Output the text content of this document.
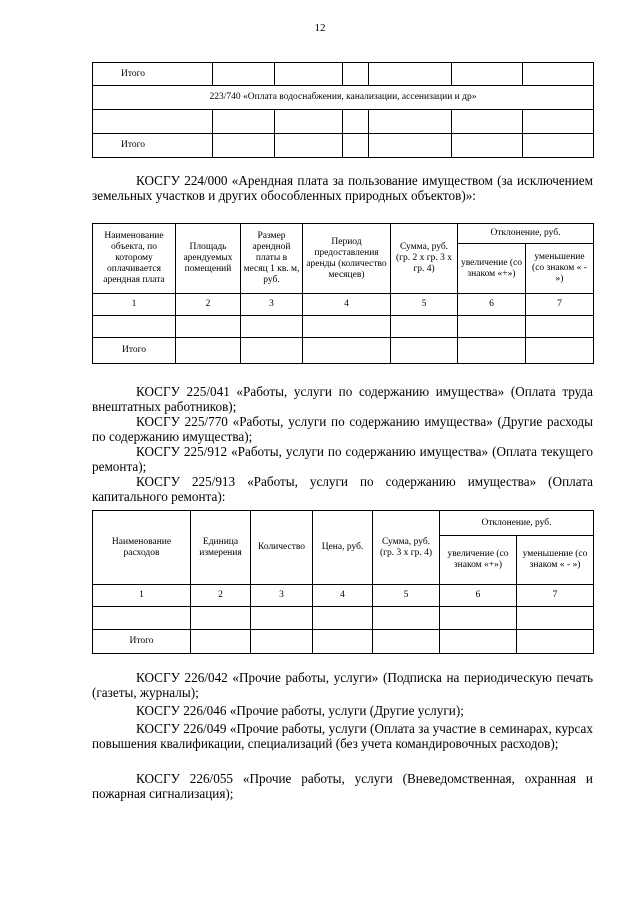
12
Итого						
223/740 «Оплата водоснабжения, канализации, ассенизации и др»						

Итого						
КОСГУ 224/000 «Арендная плата за пользование имуществом (за исключением земельных участков и других обособленных природных объектов)»:
Наименование объекта, по которому оплачивается арендная плата	Площадь арендуемых помещений	Размер арендной платы в месяц 1 кв. м, руб.	Период предоставления аренды (количество месяцев)	Сумма, руб. (гр. 2 х гр. 3 х гр. 4)	Отклонение, руб.	
					увеличение (со знаком «+»)	уменьшение (со знаком « - »)
1	2	3	4	5	6	7

Итого						
КОСГУ 225/041 «Работы, услуги по содержанию имущества» (Оплата труда внештатных работников);
КОСГУ 225/770 «Работы, услуги по содержанию имущества» (Другие расходы по содержанию имущества);
КОСГУ 225/912 «Работы, услуги по содержанию имущества» (Оплата текущего ремонта);
КОСГУ 225/913 «Работы, услуги по содержанию имущества» (Оплата капитального ремонта):
Наименование расходов	Единица измерения	Количество	Цена, руб.	Сумма, руб. (гр. 3 х гр. 4)	Отклонение, руб.	
					увеличение (со знаком «+»)	уменьшение (со знаком « - »)
1	2	3	4	5	6	7

Итого						
КОСГУ 226/042 «Прочие работы, услуги» (Подписка на периодическую печать (газеты, журналы);
КОСГУ 226/046 «Прочие работы, услуги (Другие услуги);
КОСГУ 226/049 «Прочие работы, услуги (Оплата за участие в семинарах, курсах повышения квалификации, специализаций (без учета командировочных расходов);
КОСГУ 226/055 «Прочие работы, услуги (Вневедомственная, охранная и пожарная сигнализация);
